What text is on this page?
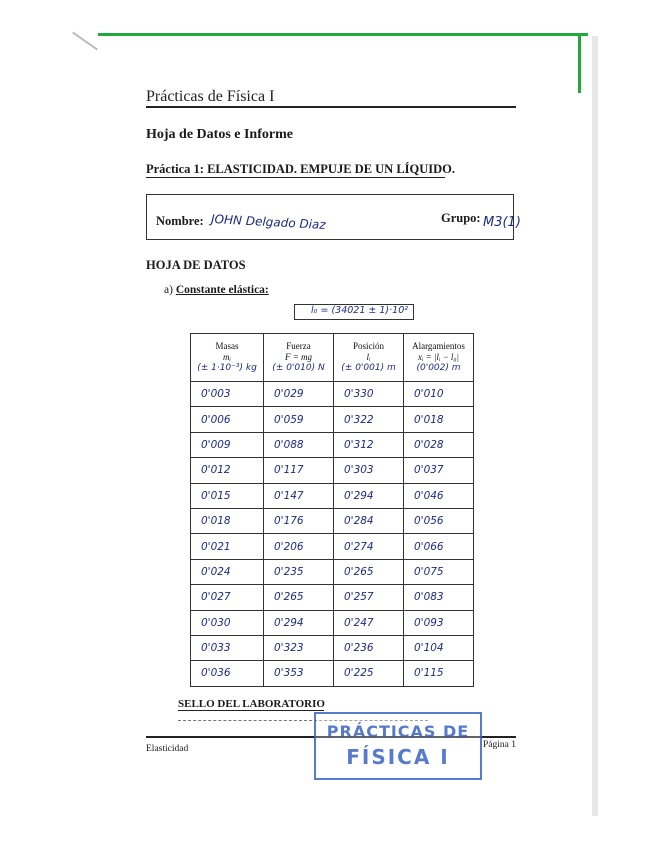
Prácticas de Física I
Hoja de Datos e Informe
Práctica 1: ELASTICIDAD. EMPUJE DE UN LÍQUIDO.
Nombre: JOHN Delgado Diaz	Grupo: M3(1)
HOJA DE DATOS
a) Constante elástica:
l₀ = (34021 ± 1)·10²
Masas
mᵢ
(± 1·10⁻³) kg	Fuerza
F = mg
(± 0'010) N	Posición
lᵢ
(± 0'001) m	Alargamientos
xᵢ = |lᵢ − l₀|
(0'002) m

0'003	0'029	0'330	0'010
0'006	0'059	0'322	0'018
0'009	0'088	0'312	0'028
0'012	0'117	0'303	0'037
0'015	0'147	0'294	0'046
0'018	0'176	0'284	0'056
0'021	0'206	0'274	0'066
0'024	0'235	0'265	0'075
0'027	0'265	0'257	0'083
0'030	0'294	0'247	0'093
0'033	0'323	0'236	0'104
0'036	0'353	0'225	0'115
SELLO DEL LABORATORIO
Elasticidad	Página 1
PRÁCTICAS DE
FÍSICA I
